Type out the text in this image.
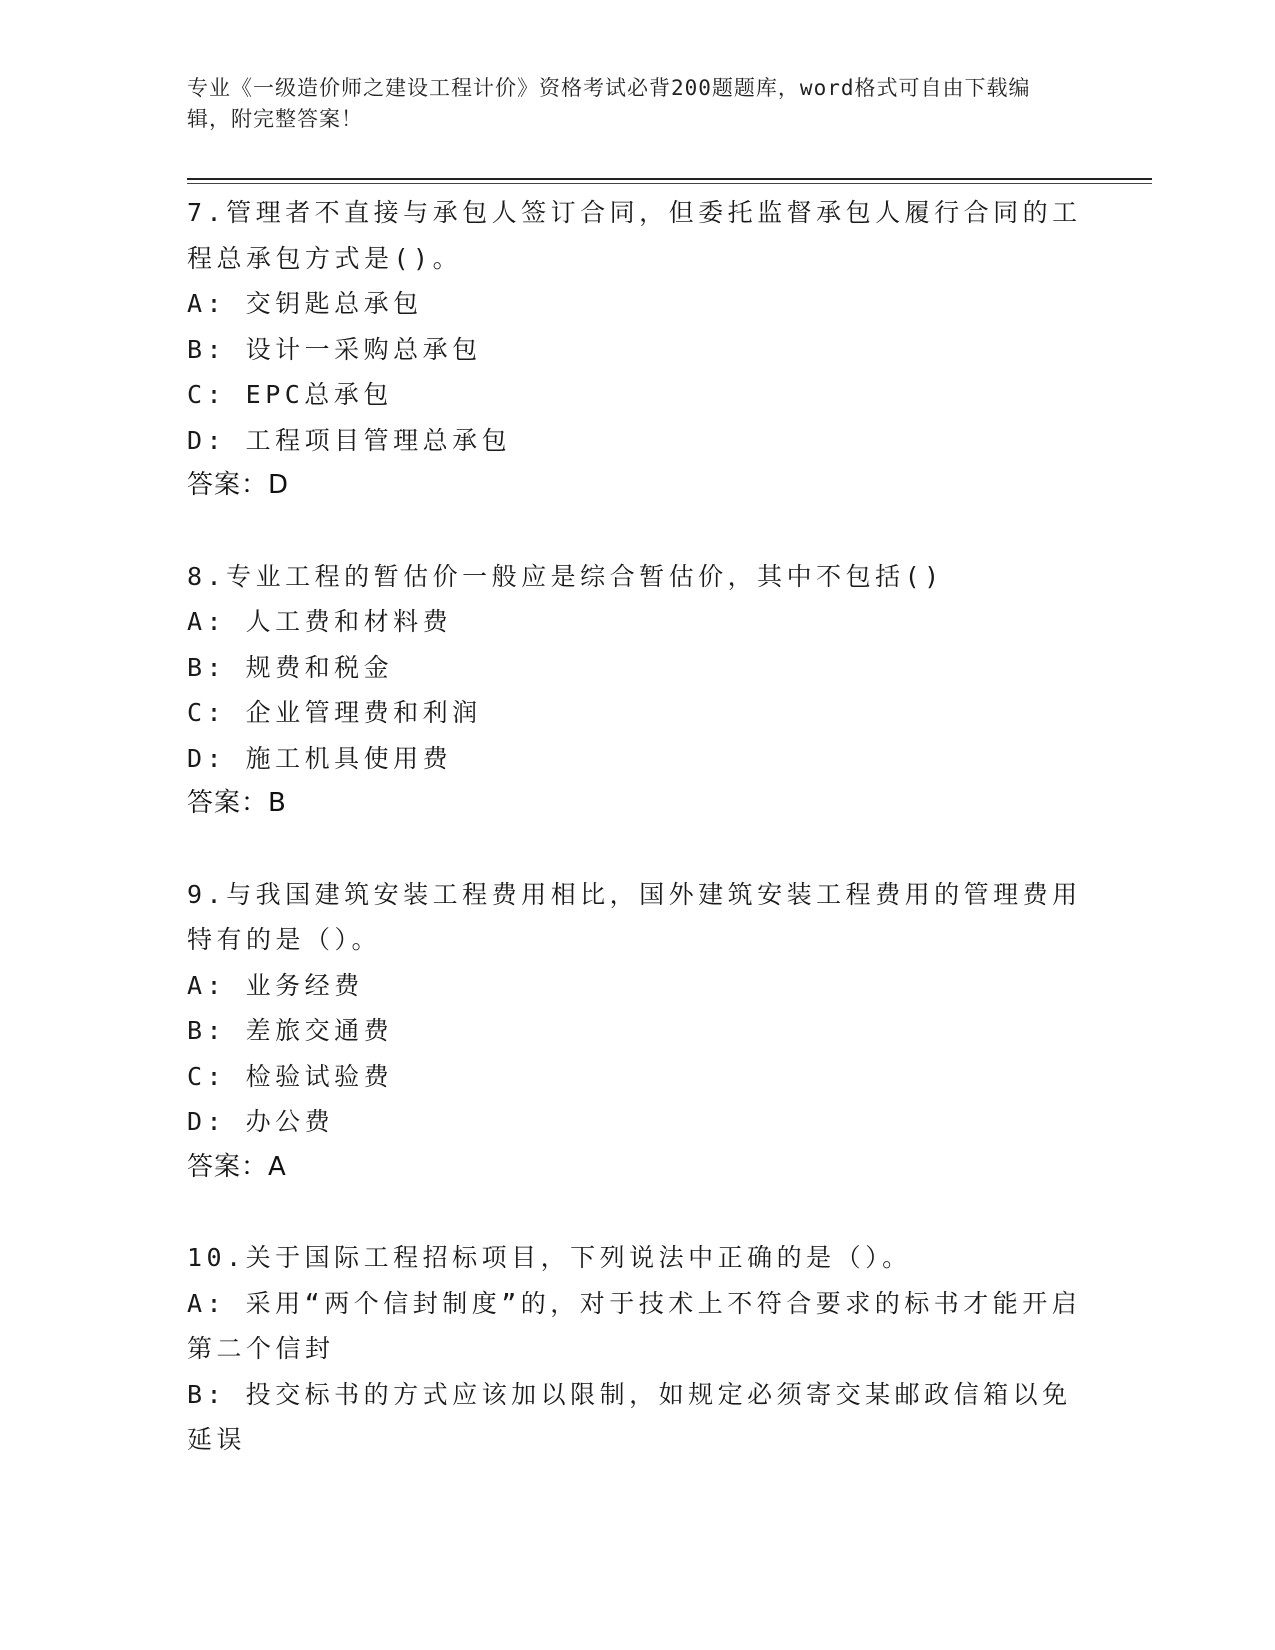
专业《一级造价师之建设工程计价》资格考试必背200题题库，word格式可自由下载编辑，附完整答案！
7.管理者不直接与承包人签订合同，但委托监督承包人履行合同的工程总承包方式是()。
A: 交钥匙总承包
B: 设计一采购总承包
C: EPC总承包
D: 工程项目管理总承包
答案：D
8.专业工程的暂估价一般应是综合暂估价，其中不包括()
A: 人工费和材料费
B: 规费和税金
C: 企业管理费和利润
D: 施工机具使用费
答案：B
9.与我国建筑安装工程费用相比，国外建筑安装工程费用的管理费用特有的是（）。
A: 业务经费
B: 差旅交通费
C: 检验试验费
D: 办公费
答案：A
10.关于国际工程招标项目，下列说法中正确的是（）。
A: 采用“两个信封制度”的，对于技术上不符合要求的标书才能开启第二个信封
B: 投交标书的方式应该加以限制，如规定必须寄交某邮政信箱以免延误
